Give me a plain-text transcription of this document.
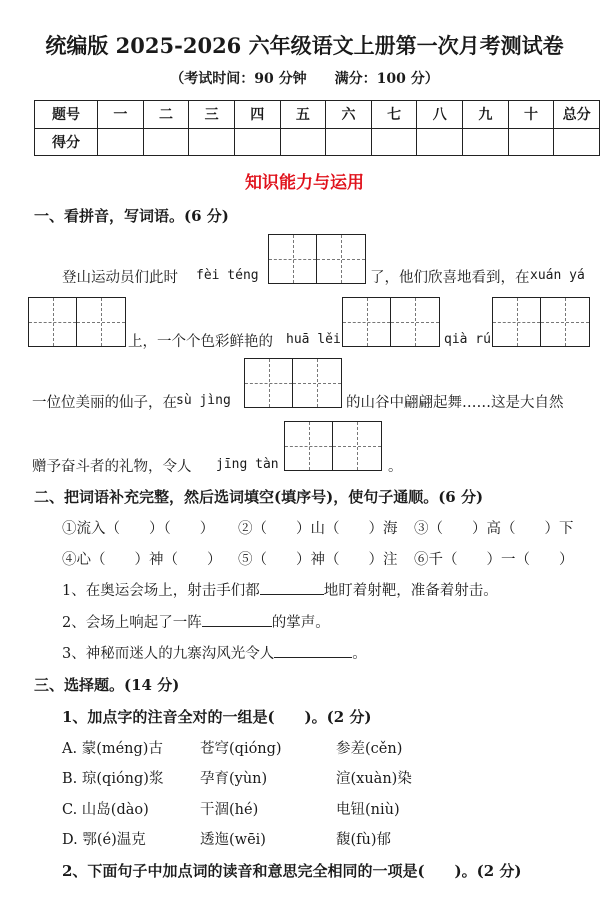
统编版 2025-2026 六年级语文上册第一次月考测试卷
（考试时间：90 分钟　　满分：100 分）
题号	一	二	三	四	五	六	七	八	九	十	总分
得分											
知识能力与运用
一、看拼音，写词语。(6 分)
登山运动员们此时 fèi téng	了，他们欣喜地看到，在 xuán yá
上，一个个色彩鲜艳的 huā lěi	qià rú
一位位美丽的仙子，在 sù jìng	的山谷中翩翩起舞……这是大自然
赠予奋斗者的礼物，令人 jīng tàn	。
二、把词语补充完整，然后选词填空(填序号)，使句子通顺。(6 分)
①流入（　　）（　　） ②（　　）山（　　）海 ③（　　）高（　　）下
④心（　　）神（　　） ⑤（　　）神（　　）注 ⑥千（　　）一（　　）
1、在奥运会场上，射击手们都	地盯着射靶，准备着射击。
2、会场上响起了一阵	的掌声。
3、神秘而迷人的九寨沟风光令人	。
三、选择题。(14 分)
1、加点字的注音全对的一组是(　　)。(2 分)
A. 蒙(méng)古	苍穹(qióng)	参差(cěn)
B. 琼(qióng)浆	孕育(yùn)	渲(xuàn)染
C. 山岛(dào)	干涸(hé)	电钮(niù)
D. 鄂(é)温克	透迤(wēi)	馥(fù)郁
2、下面句子中加点词的读音和意思完全相同的一项是(　　)。(2 分)
